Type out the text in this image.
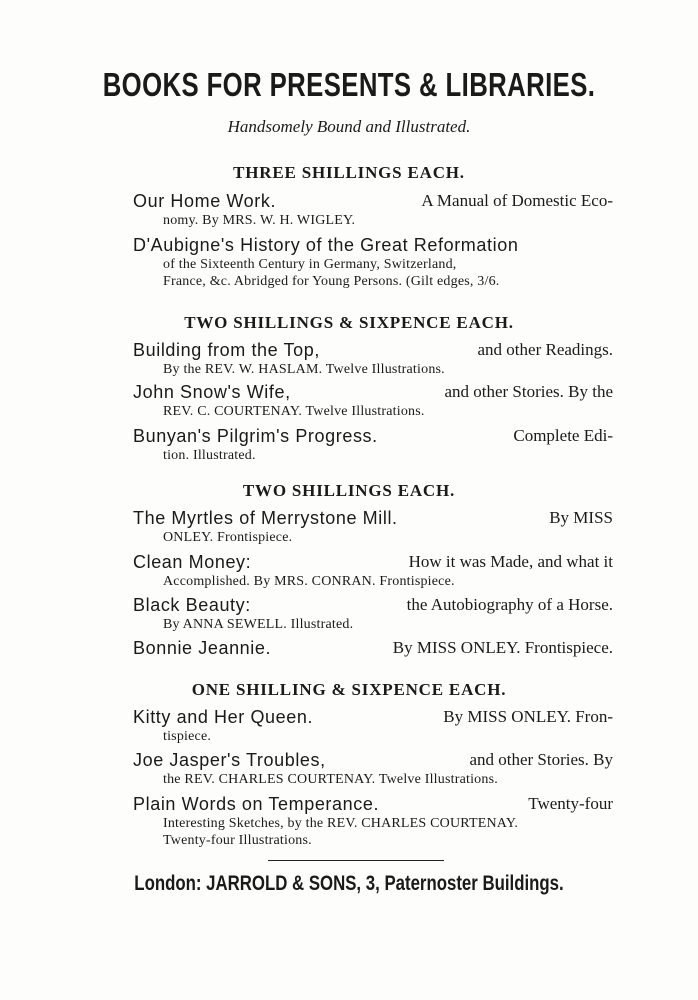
BOOKS FOR PRESENTS & LIBRARIES.
Handsomely Bound and Illustrated.
THREE SHILLINGS EACH.
Our Home Work.	A Manual of Domestic Eco-
nomy. By MRS. W. H. WIGLEY.
D'Aubigne's History of the Great Reformation
of the Sixteenth Century in Germany, Switzerland,
France, &c. Abridged for Young Persons. (Gilt edges, 3/6.
TWO SHILLINGS & SIXPENCE EACH.
Building from the Top,	and other Readings.
By the REV. W. HASLAM. Twelve Illustrations.
John Snow's Wife,	and other Stories. By the
REV. C. COURTENAY. Twelve Illustrations.
Bunyan's Pilgrim's Progress.	Complete Edi-
tion. Illustrated.
TWO SHILLINGS EACH.
The Myrtles of Merrystone Mill.	By MISS
ONLEY. Frontispiece.
Clean Money:	How it was Made, and what it
Accomplished. By MRS. CONRAN. Frontispiece.
Black Beauty:	the Autobiography of a Horse.
By ANNA SEWELL. Illustrated.
Bonnie Jeannie.	By MISS ONLEY. Frontispiece.
ONE SHILLING & SIXPENCE EACH.
Kitty and Her Queen.	By MISS ONLEY. Fron-
tispiece.
Joe Jasper's Troubles,	and other Stories. By
the REV. CHARLES COURTENAY. Twelve Illustrations.
Plain Words on Temperance.	Twenty-four
Interesting Sketches, by the REV. CHARLES COURTENAY.
Twenty-four Illustrations.
London: JARROLD & SONS, 3, Paternoster Buildings.
